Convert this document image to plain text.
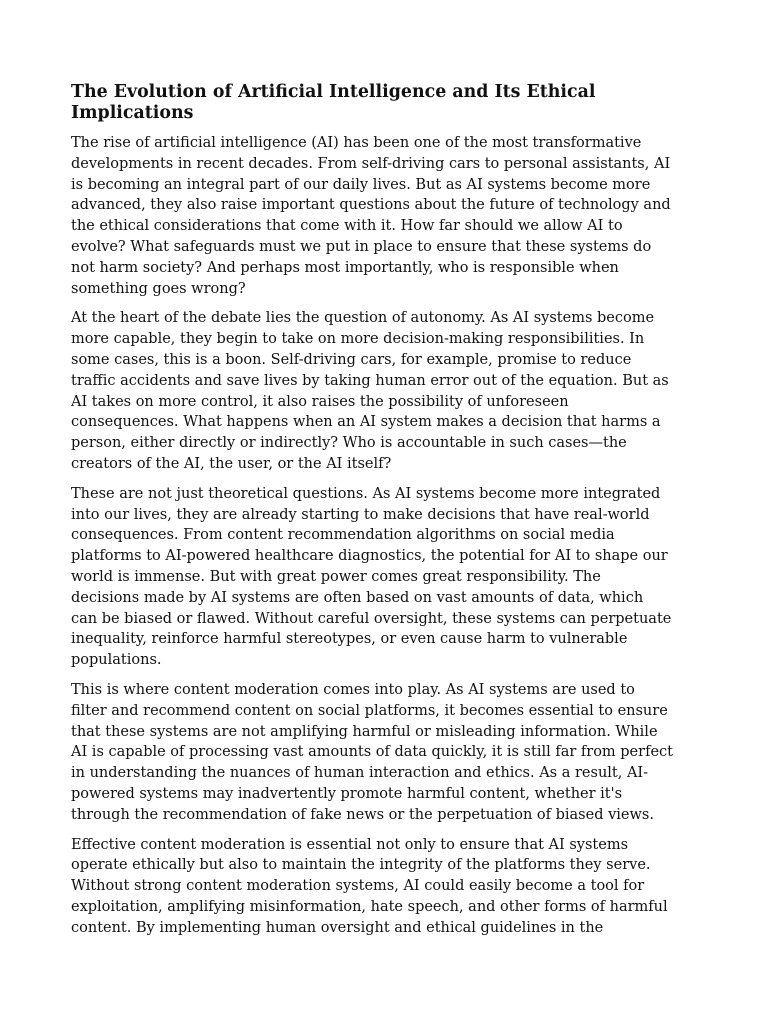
The Evolution of Artificial Intelligence and Its Ethical
Implications

The rise of artificial intelligence (AI) has been one of the most transformative
developments in recent decades. From self-driving cars to personal assistants, AI
is becoming an integral part of our daily lives. But as AI systems become more
advanced, they also raise important questions about the future of technology and
the ethical considerations that come with it. How far should we allow AI to
evolve? What safeguards must we put in place to ensure that these systems do
not harm society? And perhaps most importantly, who is responsible when
something goes wrong?

At the heart of the debate lies the question of autonomy. As AI systems become
more capable, they begin to take on more decision-making responsibilities. In
some cases, this is a boon. Self-driving cars, for example, promise to reduce
traffic accidents and save lives by taking human error out of the equation. But as
AI takes on more control, it also raises the possibility of unforeseen
consequences. What happens when an AI system makes a decision that harms a
person, either directly or indirectly? Who is accountable in such cases—the
creators of the AI, the user, or the AI itself?

These are not just theoretical questions. As AI systems become more integrated
into our lives, they are already starting to make decisions that have real-world
consequences. From content recommendation algorithms on social media
platforms to AI-powered healthcare diagnostics, the potential for AI to shape our
world is immense. But with great power comes great responsibility. The
decisions made by AI systems are often based on vast amounts of data, which
can be biased or flawed. Without careful oversight, these systems can perpetuate
inequality, reinforce harmful stereotypes, or even cause harm to vulnerable
populations.

This is where content moderation comes into play. As AI systems are used to
filter and recommend content on social platforms, it becomes essential to ensure
that these systems are not amplifying harmful or misleading information. While
AI is capable of processing vast amounts of data quickly, it is still far from perfect
in understanding the nuances of human interaction and ethics. As a result, AI-
powered systems may inadvertently promote harmful content, whether it's
through the recommendation of fake news or the perpetuation of biased views.

Effective content moderation is essential not only to ensure that AI systems
operate ethically but also to maintain the integrity of the platforms they serve.
Without strong content moderation systems, AI could easily become a tool for
exploitation, amplifying misinformation, hate speech, and other forms of harmful
content. By implementing human oversight and ethical guidelines in the
